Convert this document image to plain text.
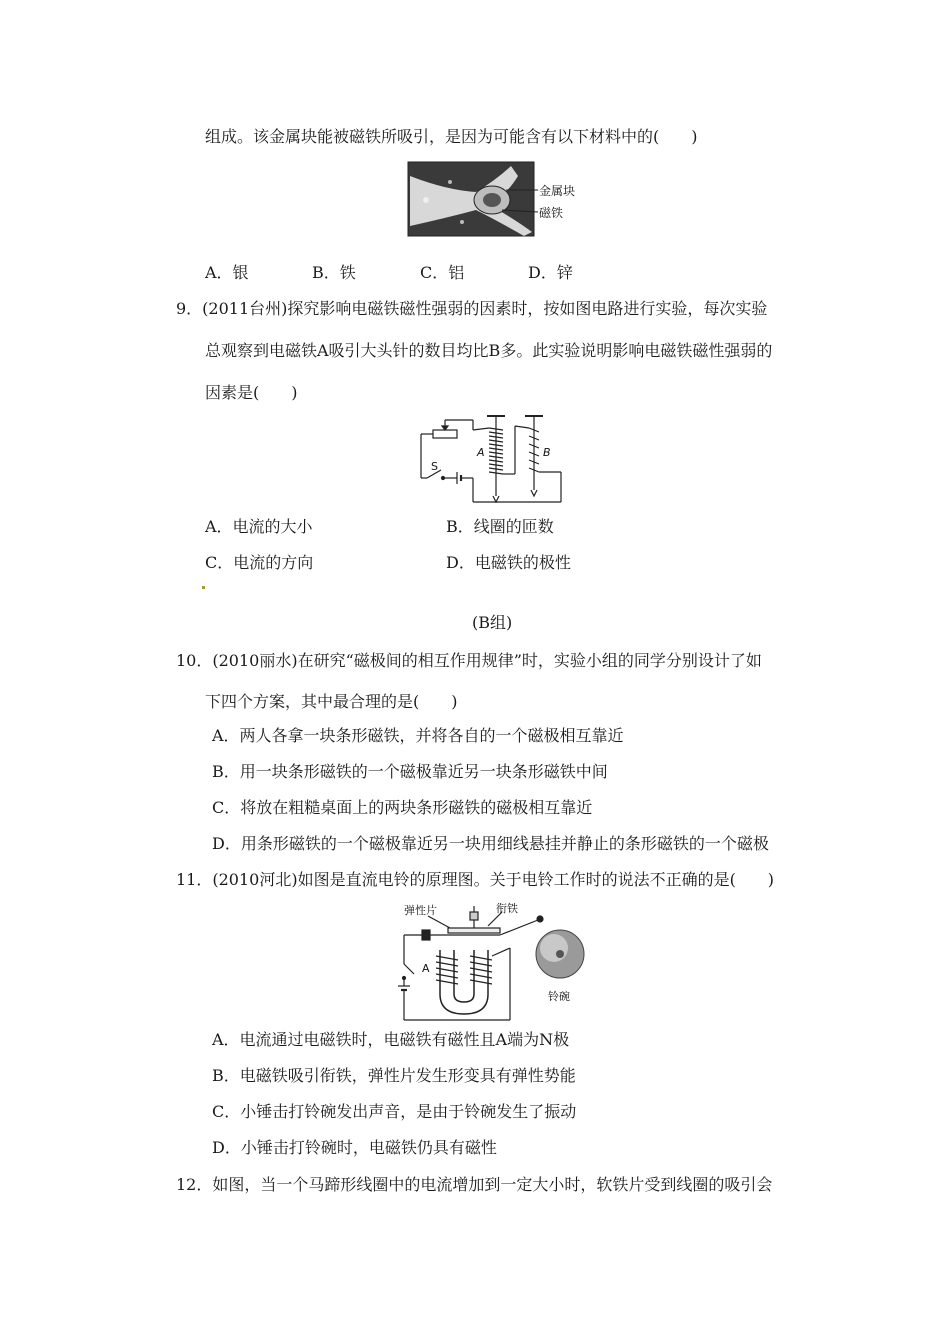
组成。该金属块能被磁铁所吸引，是因为可能含有以下材料中的(　　)
金属块
磁铁
A．银	B．铁	C．铝	D．锌
9．(2011台州)探究影响电磁铁磁性强弱的因素时，按如图电路进行实验，每次实验
总观察到电磁铁A吸引大头针的数目均比B多。此实验说明影响电磁铁磁性强弱的
因素是(　　)
S
A	B
A．电流的大小	B．线圈的匝数
C．电流的方向	D．电磁铁的极性
(B组)
10．(2010丽水)在研究“磁极间的相互作用规律”时，实验小组的同学分别设计了如
下四个方案，其中最合理的是(　　)
A．两人各拿一块条形磁铁，并将各自的一个磁极相互靠近
B．用一块条形磁铁的一个磁极靠近另一块条形磁铁中间
C．将放在粗糙桌面上的两块条形磁铁的磁极相互靠近
D．用条形磁铁的一个磁极靠近另一块用细线悬挂并静止的条形磁铁的一个磁极
11．(2010河北)如图是直流电铃的原理图。关于电铃工作时的说法不正确的是(　　)
弹性片	衔铁
A
铃碗
A．电流通过电磁铁时，电磁铁有磁性且A端为N极
B．电磁铁吸引衔铁，弹性片发生形变具有弹性势能
C．小锤击打铃碗发出声音，是由于铃碗发生了振动
D．小锤击打铃碗时，电磁铁仍具有磁性
12．如图，当一个马蹄形线圈中的电流增加到一定大小时，软铁片受到线圈的吸引会
